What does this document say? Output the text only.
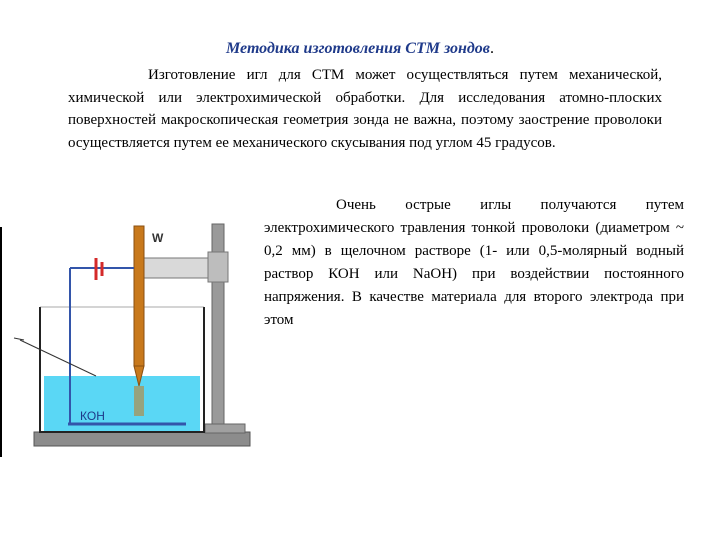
Методика изготовления СТМ зондов.
Изготовление игл для СТМ может осуществляться путем механической, химической или электрохимической обработки. Для исследования атомно-плоских поверхностей макроскопическая геометрия зонда не важна, поэтому заострение проволоки осуществляется путем ее механического скусывания под углом 45 градусов.
Очень острые иглы получаются путем электрохимического травления тонкой проволоки (диаметром ~ 0,2 мм) в щелочном растворе (1- или 0,5-молярный водный раствор КОН или NaOH) при воздействии постоянного напряжения. В качестве материала для второго электрода при этом
W
КОН
